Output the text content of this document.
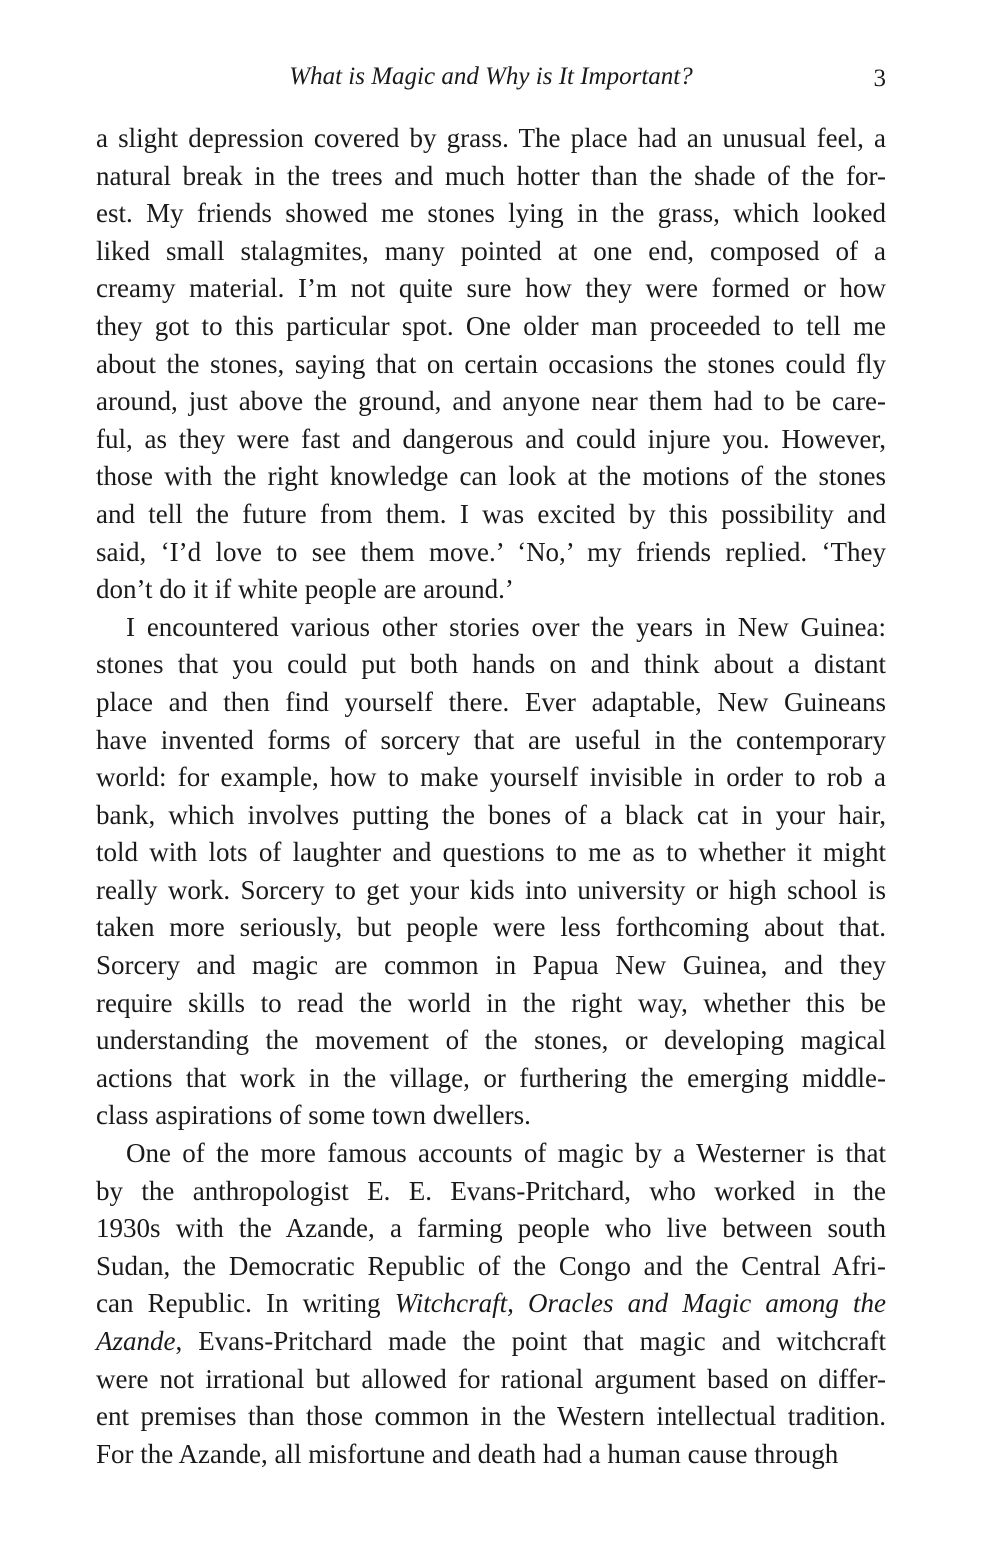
What is Magic and Why is It Important?	3
a slight depression covered by grass. The place had an unusual feel, a
natural break in the trees and much hotter than the shade of the for-
est. My friends showed me stones lying in the grass, which looked
liked small stalagmites, many pointed at one end, composed of a
creamy material. I’m not quite sure how they were formed or how
they got to this particular spot. One older man proceeded to tell me
about the stones, saying that on certain occasions the stones could fly
around, just above the ground, and anyone near them had to be care-
ful, as they were fast and dangerous and could injure you. However,
those with the right knowledge can look at the motions of the stones
and tell the future from them. I was excited by this possibility and
said, ‘I’d love to see them move.’ ‘No,’ my friends replied. ‘They
don’t do it if white people are around.’
I encountered various other stories over the years in New Guinea:
stones that you could put both hands on and think about a distant
place and then find yourself there. Ever adaptable, New Guineans
have invented forms of sorcery that are useful in the contemporary
world: for example, how to make yourself invisible in order to rob a
bank, which involves putting the bones of a black cat in your hair,
told with lots of laughter and questions to me as to whether it might
really work. Sorcery to get your kids into university or high school is
taken more seriously, but people were less forthcoming about that.
Sorcery and magic are common in Papua New Guinea, and they
require skills to read the world in the right way, whether this be
understanding the movement of the stones, or developing magical
actions that work in the village, or furthering the emerging middle-
class aspirations of some town dwellers.
One of the more famous accounts of magic by a Westerner is that
by the anthropologist E. E. Evans-Pritchard, who worked in the
1930s with the Azande, a farming people who live between south
Sudan, the Democratic Republic of the Congo and the Central Afri-
can Republic. In writing Witchcraft, Oracles and Magic among the
Azande, Evans-Pritchard made the point that magic and witchcraft
were not irrational but allowed for rational argument based on differ-
ent premises than those common in the Western intellectual tradition.
For the Azande, all misfortune and death had a human cause through
